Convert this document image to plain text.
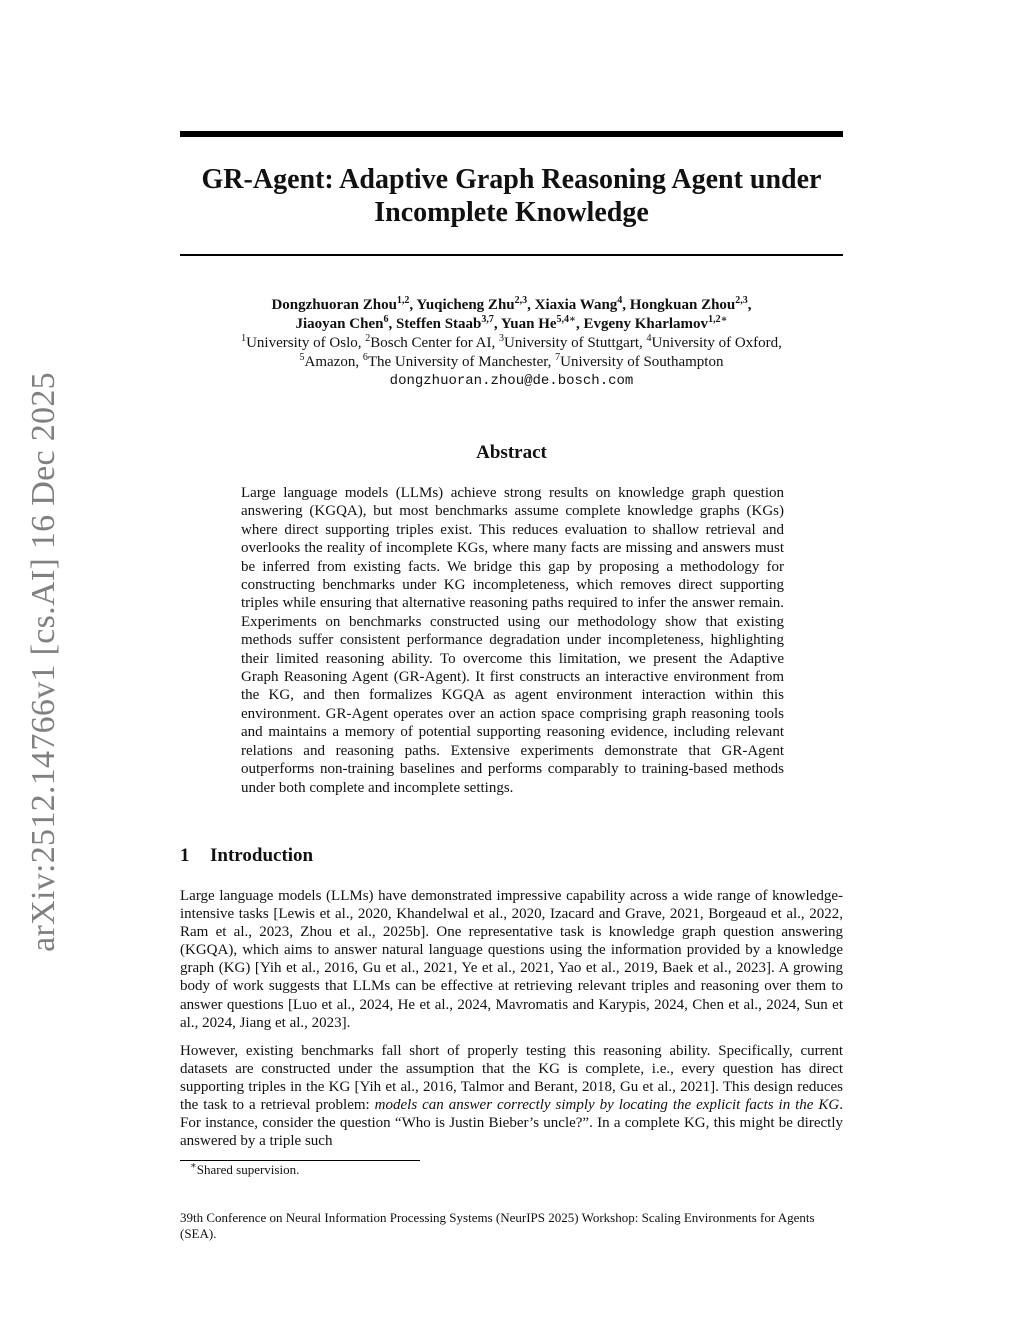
arXiv:2512.14766v1 [cs.AI] 16 Dec 2025
GR-Agent: Adaptive Graph Reasoning Agent under
Incomplete Knowledge
Dongzhuoran Zhou$^{1,2}$, Yuqicheng Zhu$^{2,3}$, Xiaxia Wang$^4$, Hongkuan Zhou$^{2,3}$,
Jiaoyan Chen$^6$, Steffen Staab$^{3,7}$, Yuan $He^{5,4∗}$, Evgeny Kharlamov$^{1,2∗}$
$^1$University of Oslo, $^2$Bosch Center for AI, $^3$University of Stuttgart, $^4$University of Oxford,
$^5$Amazon, $^6$The University of Manchester, $^7$University of Southampton
dongzhuoran.zhou@de.bosch.com
Abstract
Large language models (LLMs) achieve strong results on knowledge graph question answering (KGQA), but most benchmarks assume complete knowledge graphs (KGs) where direct supporting triples exist. This reduces evaluation to shallow retrieval and overlooks the reality of incomplete KGs, where many facts are missing and answers must be inferred from existing facts. We bridge this gap by proposing a methodology for constructing benchmarks under KG incompleteness, which removes direct supporting triples while ensuring that alternative reasoning paths required to infer the answer remain. Experiments on benchmarks constructed using our methodology show that existing methods suffer consistent performance degradation under incompleteness, highlighting their limited reasoning ability. To overcome this limitation, we present the Adaptive Graph Reasoning Agent (GR-Agent). It first constructs an interactive environment from the KG, and then formalizes KGQA as agent environment interaction within this environment. GR-Agent operates over an action space comprising graph reasoning tools and maintains a memory of potential supporting reasoning evidence, including relevant relations and reasoning paths. Extensive experiments demonstrate that GR-Agent outperforms non-training baselines and performs comparably to training-based methods under both complete and incomplete settings.
1 Introduction

Large language models (LLMs) have demonstrated impressive capability across a wide range of knowledge-intensive tasks [Lewis et al., 2020, Khandelwal et al., 2020, Izacard and Grave, 2021, Borgeaud et al., 2022, Ram et al., 2023, Zhou et al., 2025b]. One representative task is knowledge graph question answering (KGQA), which aims to answer natural language questions using the information provided by a knowledge graph (KG) [Yih et al., 2016, Gu et al., 2021, Ye et al., 2021, Yao et al., 2019, Baek et al., 2023]. A growing body of work suggests that LLMs can be effective at retrieving relevant triples and reasoning over them to answer questions [Luo et al., 2024, He et al., 2024, Mavromatis and Karypis, 2024, Chen et al., 2024, Sun et al., 2024, Jiang et al., 2023].

However, existing benchmarks fall short of properly testing this reasoning ability. Specifically, current datasets are constructed under the assumption that the KG is complete, i.e., every question has direct supporting triples in the KG [Yih et al., 2016, Talmor and Berant, 2018, Gu et al., 2021]. This design reduces the task to a retrieval problem: models can answer correctly simply by locating the explicit facts in the KG. For instance, consider the question “Who is Justin Bieber’s uncle?”. In a complete KG, this might be directly answered by a triple such

∗Shared supervision.
39th Conference on Neural Information Processing Systems (NeurIPS 2025) Workshop: Scaling Environments for Agents (SEA).
